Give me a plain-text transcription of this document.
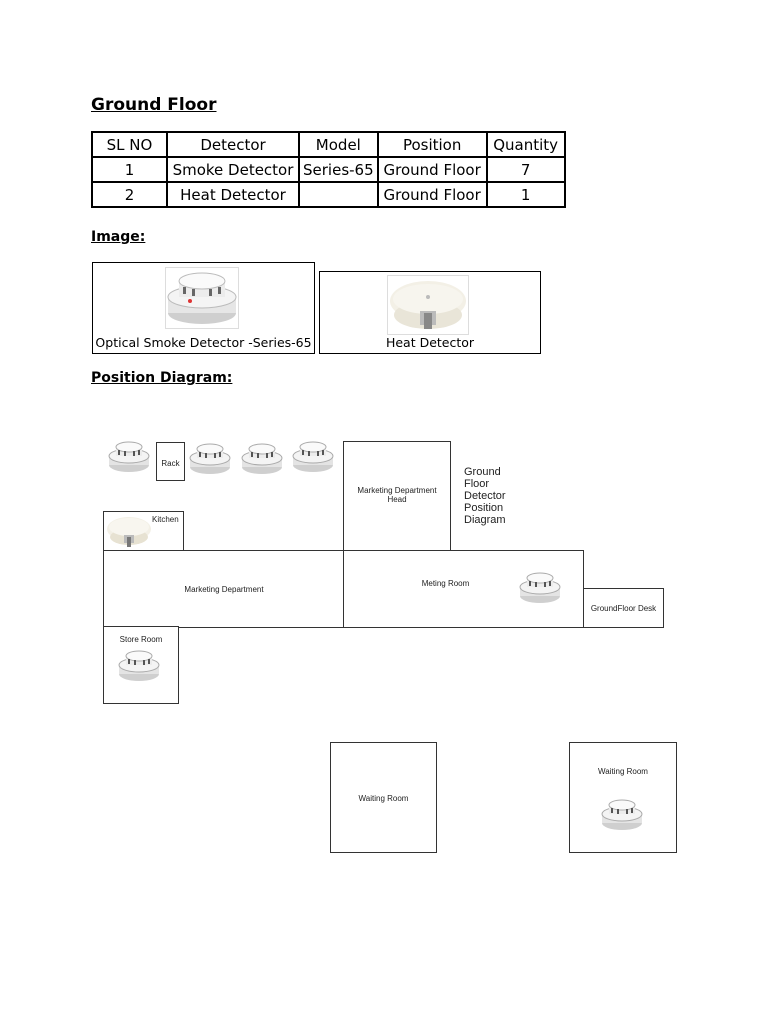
Ground Floor
SL NO	Detector	Model	Position	Quantity
1	Smoke Detector	Series-65	Ground Floor	7
2	Heat Detector		Ground Floor	1
Image:
Optical Smoke Detector -Series-65	Heat Detector
Position Diagram:
Ground Floor Detector Position Diagram
Rack
Marketing Department Head
Kitchen
Marketing Department
Meting Room
GroundFloor Desk
Store Room
Waiting Room
Waiting Room
